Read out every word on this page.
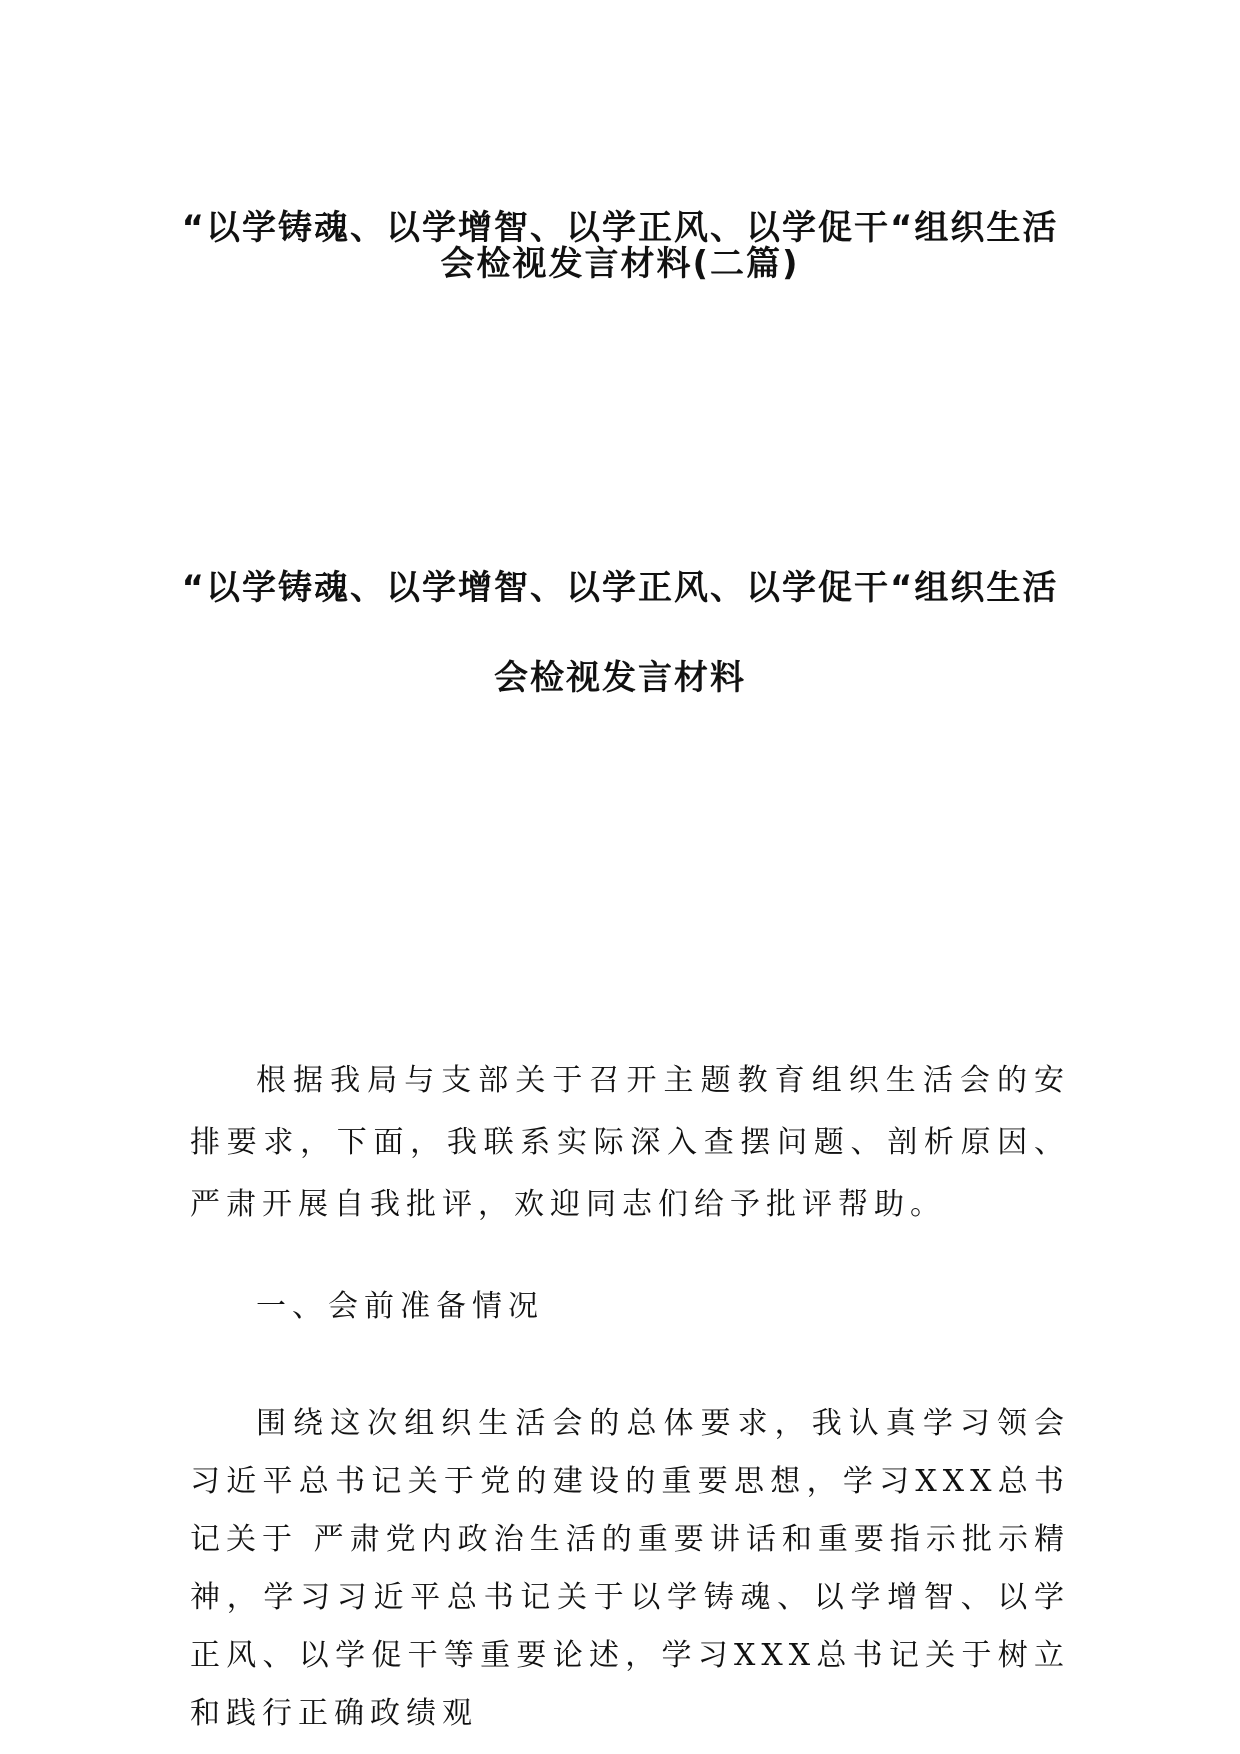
“以学铸魂、以学增智、以学正风、以学促干“组织生活
会检视发言材料(二篇)
“以学铸魂、以学增智、以学正风、以学促干“组织生活
会检视发言材料

根据我局与支部关于召开主题教育组织生活会的安排要求，下面，我联系实际深入查摆问题、剖析原因、严肃开展自我批评，欢迎同志们给予批评帮助。

一、会前准备情况

围绕这次组织生活会的总体要求，我认真学习领会习近平总书记关于党的建设的重要思想，学习XXX总书记关于 严肃党内政治生活的重要讲话和重要指示批示精神，学习习近平总书记关于以学铸魂、以学增智、以学正风、以学促干等重要论述，学习XXX总书记关于树立和践行正确政绩观
